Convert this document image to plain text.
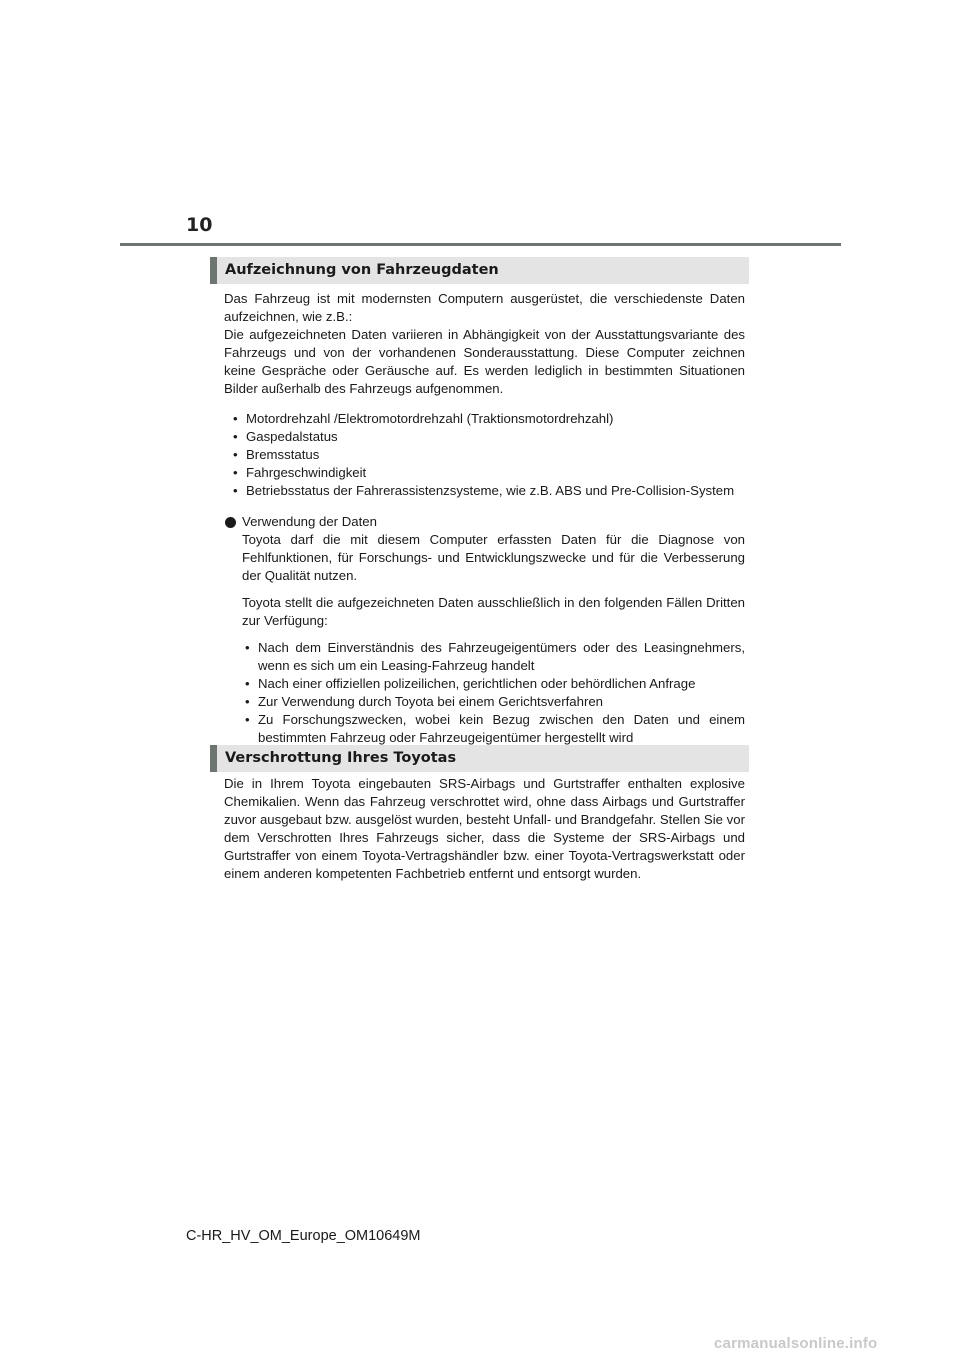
10
Aufzeichnung von Fahrzeugdaten

Das Fahrzeug ist mit modernsten Computern ausgerüstet, die verschiedenste Daten aufzeichnen, wie z.B.:

Die aufgezeichneten Daten variieren in Abhängigkeit von der Ausstattungsvariante des Fahrzeugs und von der vorhandenen Sonderausstattung. Diese Computer zeichnen keine Gespräche oder Geräusche auf. Es werden lediglich in bestimmten Situationen Bilder außerhalb des Fahrzeugs aufgenommen.

• Motordrehzahl /Elektromotordrehzahl (Traktionsmotordrehzahl)
• Gaspedalstatus
• Bremsstatus
• Fahrgeschwindigkeit
• Betriebsstatus der Fahrerassistenzsysteme, wie z.B. ABS und Pre-Collision-System

Verwendung der Daten

Toyota darf die mit diesem Computer erfassten Daten für die Diagnose von Fehlfunktionen, für Forschungs- und Entwicklungszwecke und für die Verbesserung der Qualität nutzen.

Toyota stellt die aufgezeichneten Daten ausschließlich in den folgenden Fällen Dritten zur Verfügung:

• Nach dem Einverständnis des Fahrzeugeigentümers oder des Leasingnehmers, wenn es sich um ein Leasing-Fahrzeug handelt
• Nach einer offiziellen polizeilichen, gerichtlichen oder behördlichen Anfrage
• Zur Verwendung durch Toyota bei einem Gerichtsverfahren
• Zu Forschungszwecken, wobei kein Bezug zwischen den Daten und einem bestimmten Fahrzeug oder Fahrzeugeigentümer hergestellt wird
Verschrottung Ihres Toyotas

Die in Ihrem Toyota eingebauten SRS-Airbags und Gurtstraffer enthalten explosive Chemikalien. Wenn das Fahrzeug verschrottet wird, ohne dass Airbags und Gurtstraffer zuvor ausgebaut bzw. ausgelöst wurden, besteht Unfall- und Brandgefahr. Stellen Sie vor dem Verschrotten Ihres Fahrzeugs sicher, dass die Systeme der SRS-Airbags und Gurtstraffer von einem Toyota-Vertragshändler bzw. einer Toyota-Vertragswerkstatt oder einem anderen kompetenten Fachbetrieb entfernt und entsorgt wurden.

C-HR_HV_OM_Europe_OM10649M
carmanualsonline.info
